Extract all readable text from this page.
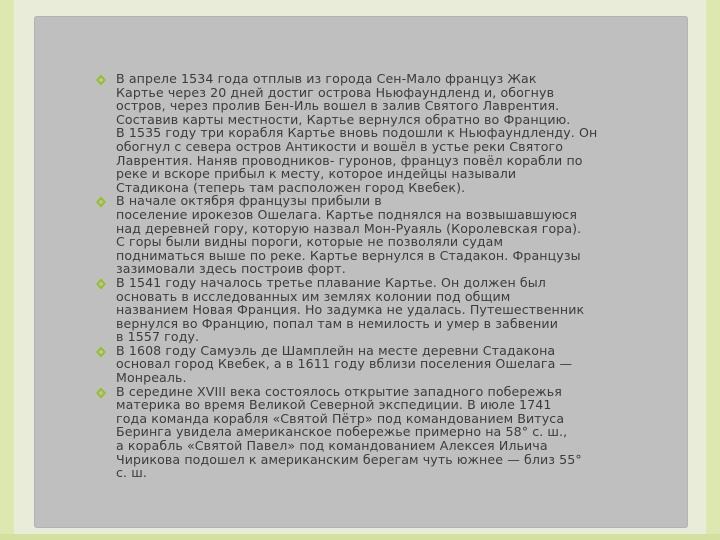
В апреле 1534 года отплыв из города Сен-Мало француз Жак
Картье через 20 дней достиг острова Ньюфаундленд и, обогнув
остров, через пролив Бен-Иль вошел в залив Святого Лаврентия.
Составив карты местности, Картье вернулся обратно во Францию.
В 1535 году три корабля Картье вновь подошли к Ньюфаундленду. Он
обогнул с севера остров Антикости и вошёл в устье реки Святого
Лаврентия. Наняв проводников- гуронов, француз повёл корабли по
реке и вскоре прибыл к месту, которое индейцы называли
Стадикона (теперь там расположен город Квебек).

В начале октября французы прибыли в
поселение ирокезов Ошелага. Картье поднялся на возвышавшуюся
над деревней гору, которую назвал Мон-Руаяль (Королевская гора).
С горы были видны пороги, которые не позволяли судам
подниматься выше по реке. Картье вернулся в Стадакон. Французы
зазимовали здесь построив форт.

В 1541 году началось третье плавание Картье. Он должен был
основать в исследованных им землях колонии под общим
названием Новая Франция. Но задумка не удалась. Путешественник
вернулся во Францию, попал там в немилость и умер в забвении
в 1557 году.

В 1608 году Самуэль де Шамплейн на месте деревни Стадакона
основал город Квебек, а в 1611 году вблизи поселения Ошелага —
Монреаль.

В середине XVIII века состоялось открытие западного побережья
материка во время Великой Северной экспедиции. В июле 1741
года команда корабля «Святой Пётр» под командованием Витуса
Беринга увидела американское побережье примерно на 58° с. ш.,
а корабль «Святой Павел» под командованием Алексея Ильича
Чирикова подошел к американским берегам чуть южнее — близ 55°
с. ш.
